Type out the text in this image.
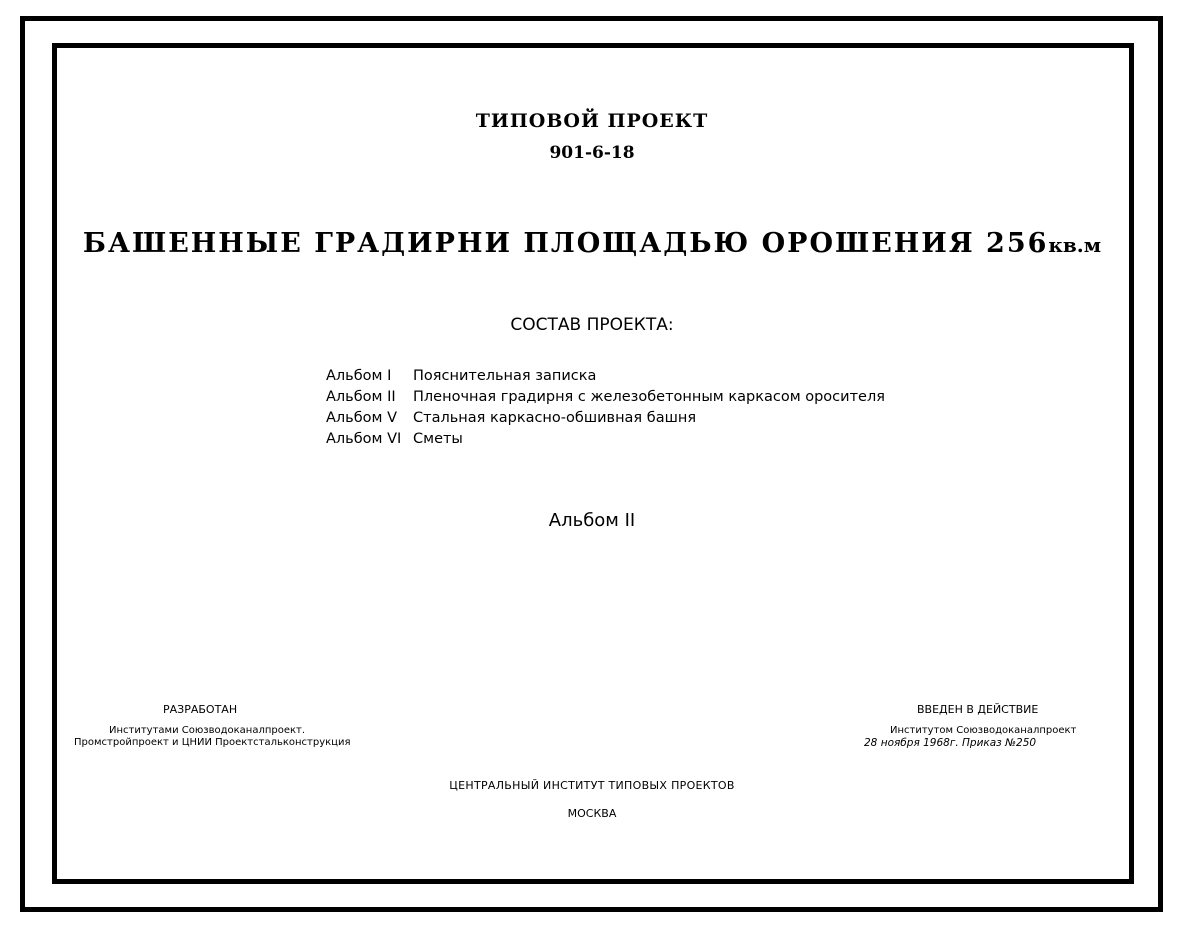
ТИПОВОЙ ПРОЕКТ
901-6-18
БАШЕННЫЕ ГРАДИРНИ ПЛОЩАДЬЮ ОРОШЕНИЯ 256кв.м
СОСТАВ ПРОЕКТА:
Альбом I	Пояснительная записка
Альбом II	Пленочная градирня с железобетонным каркасом оросителя
Альбом V	Стальная каркасно-обшивная башня
Альбом VI Сметы
Альбом II
РАЗРАБОТАН
Институтами Союзводоканалпроект.
Промстройпроект и ЦНИИ Проектстальконструкция
ВВЕДЕН В ДЕЙСТВИЕ
Институтом Союзводоканалпроект
28 ноября 1968г. Приказ №250
ЦЕНТРАЛЬНЫЙ ИНСТИТУТ ТИПОВЫХ ПРОЕКТОВ
МОСКВА
